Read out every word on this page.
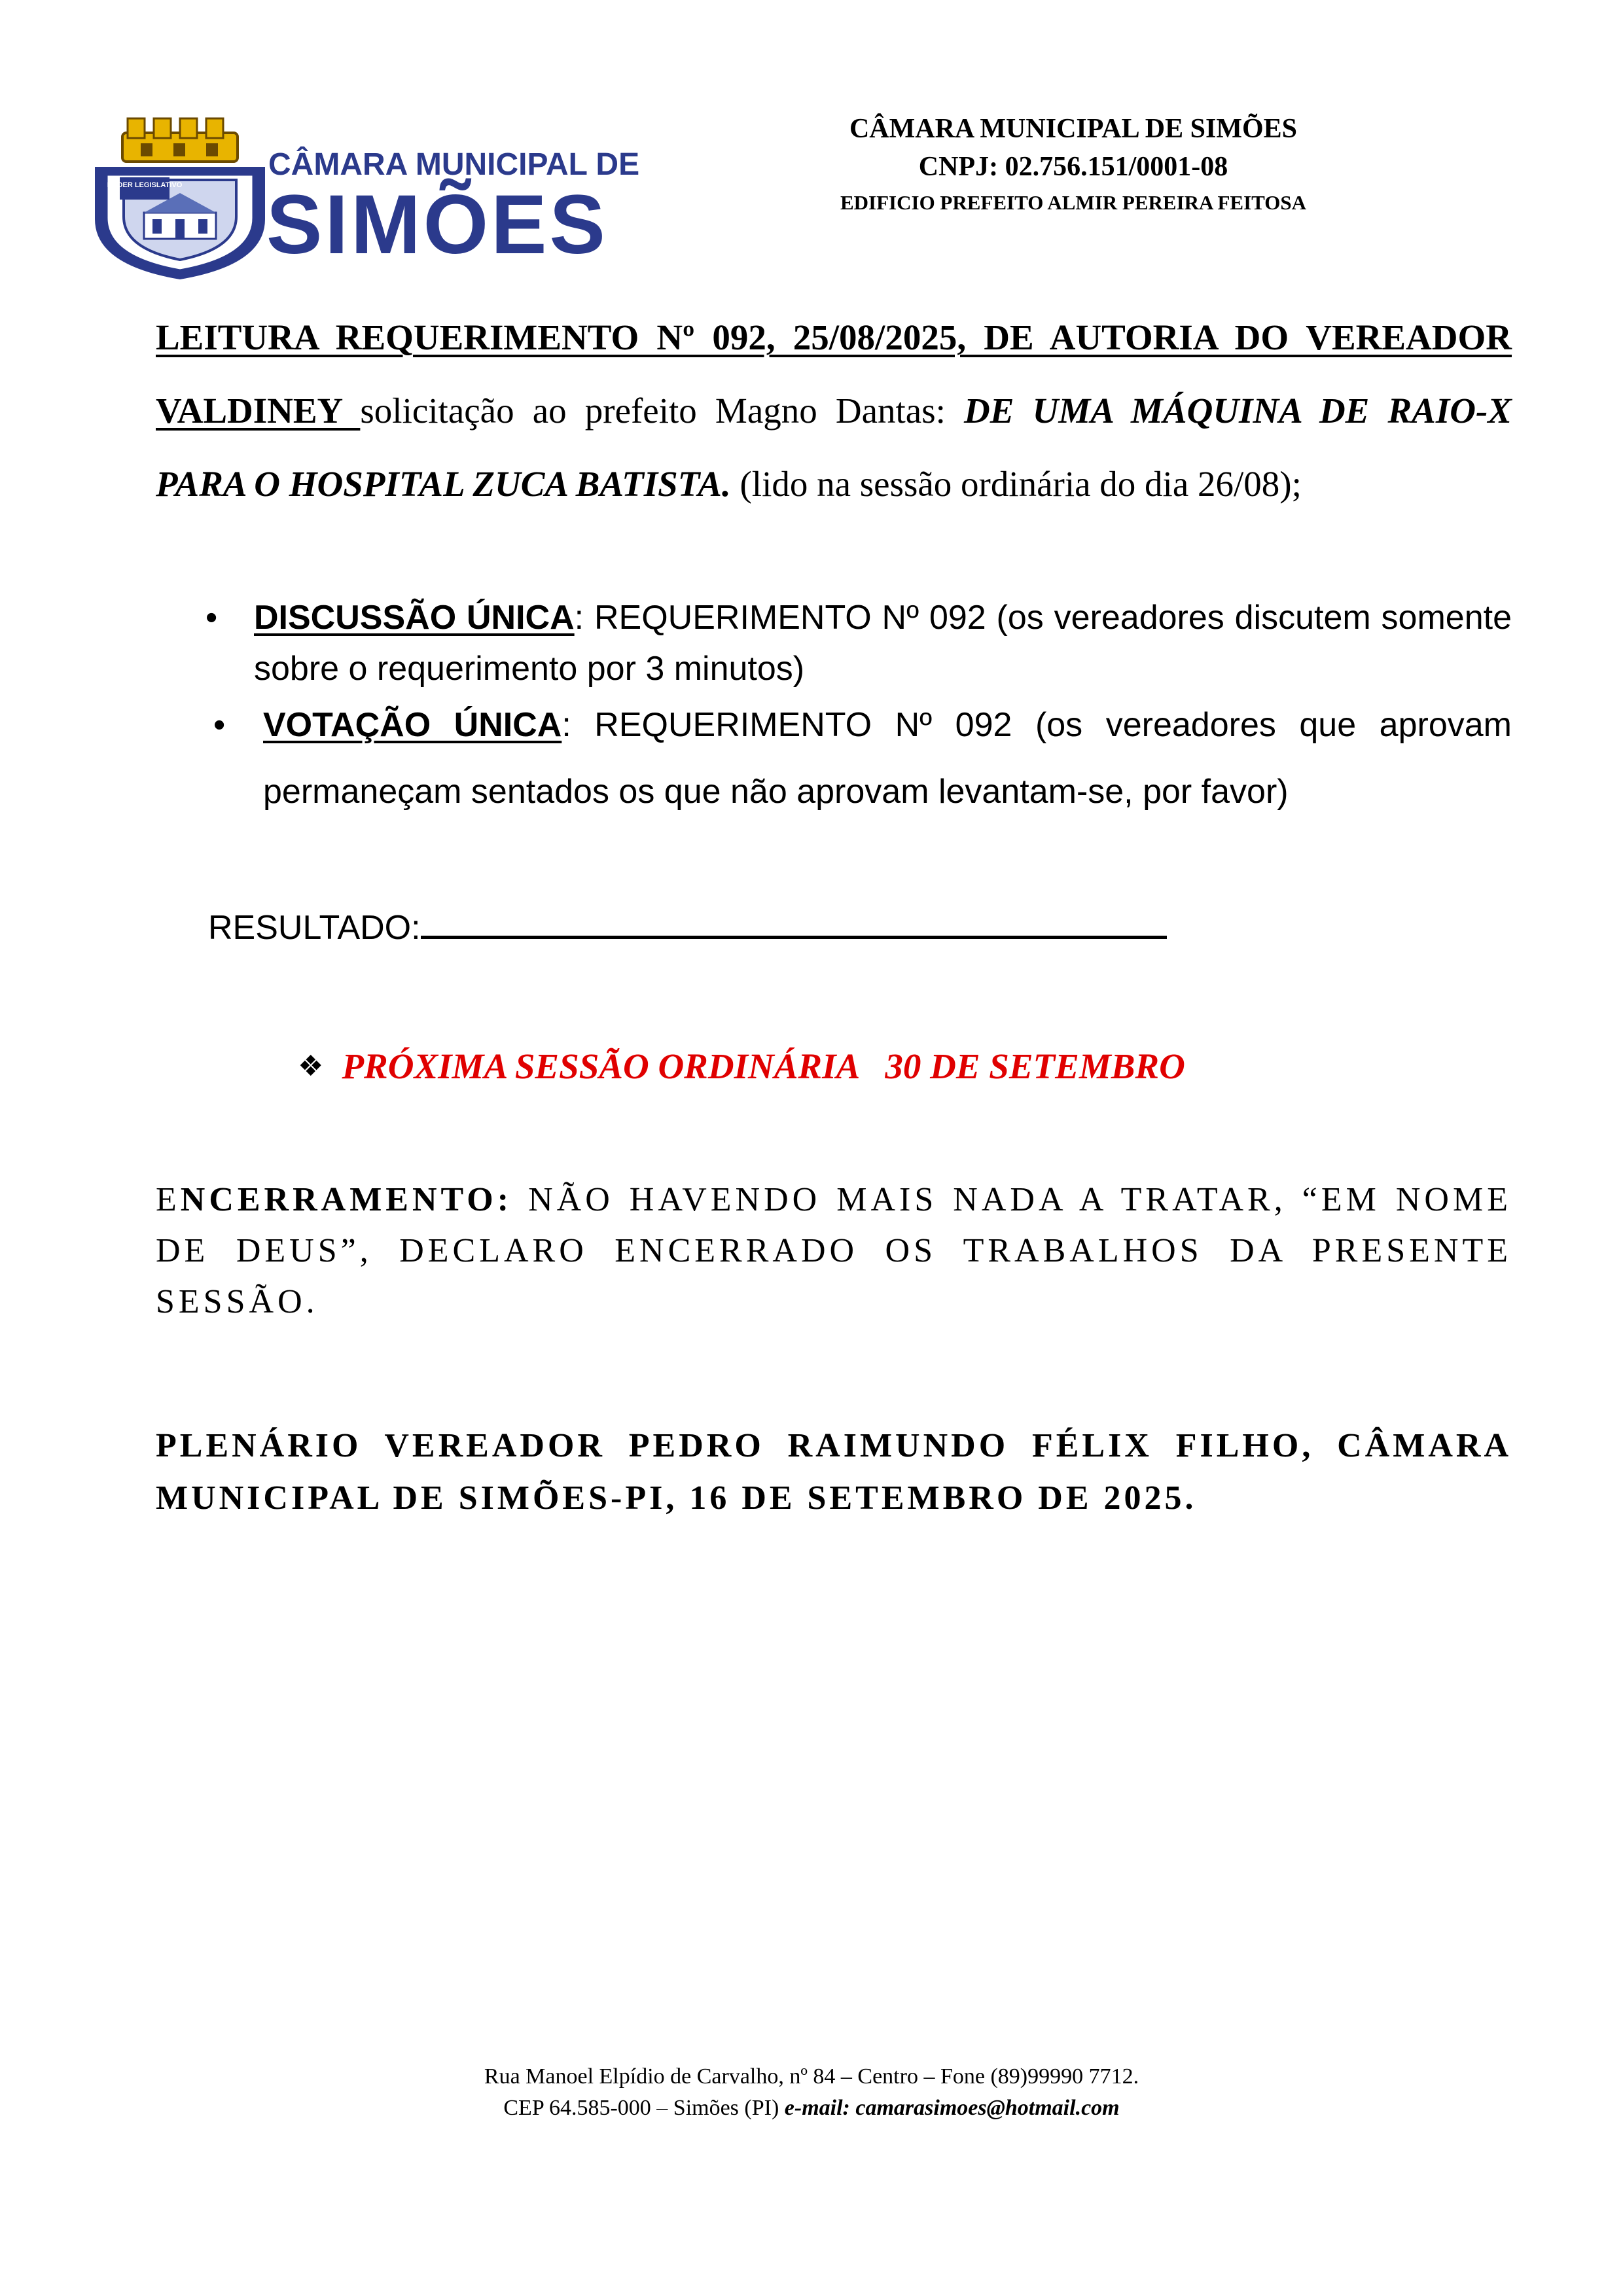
PODER LEGISLATIVO
CÂMARA MUNICIPAL DE
SIMÕES
CÂMARA MUNICIPAL DE SIMÕES
CNPJ: 02.756.151/0001-08
EDIFICIO PREFEITO ALMIR PEREIRA FEITOSA
LEITURA REQUERIMENTO Nº 092, 25/08/2025, DE AUTORIA DO VEREADOR VALDINEY solicitação ao prefeito Magno Dantas: DE UMA MÁQUINA DE RAIO-X PARA O HOSPITAL ZUCA BATISTA. (lido na sessão ordinária do dia 26/08);
• DISCUSSÃO ÚNICA: REQUERIMENTO Nº 092 (os vereadores discutem somente sobre o requerimento por 3 minutos)
• VOTAÇÃO ÚNICA: REQUERIMENTO Nº 092 (os vereadores que aprovam permaneçam sentados os que não aprovam levantam-se, por favor)
RESULTADO:
❖ PRÓXIMA SESSÃO ORDINÁRIA   30 DE SETEMBRO
ENCERRAMENTO: NÃO HAVENDO MAIS NADA A TRATAR, “EM NOME DE DEUS”, DECLARO ENCERRADO OS TRABALHOS DA PRESENTE SESSÃO.
PLENÁRIO VEREADOR PEDRO RAIMUNDO FÉLIX FILHO, CÂMARA MUNICIPAL DE SIMÕES-PI, 16 DE SETEMBRO DE 2025.
Rua Manoel Elpídio de Carvalho, nº 84 – Centro – Fone (89)99990 7712.
CEP 64.585-000 – Simões (PI) e-mail: camarasimoes@hotmail.com
